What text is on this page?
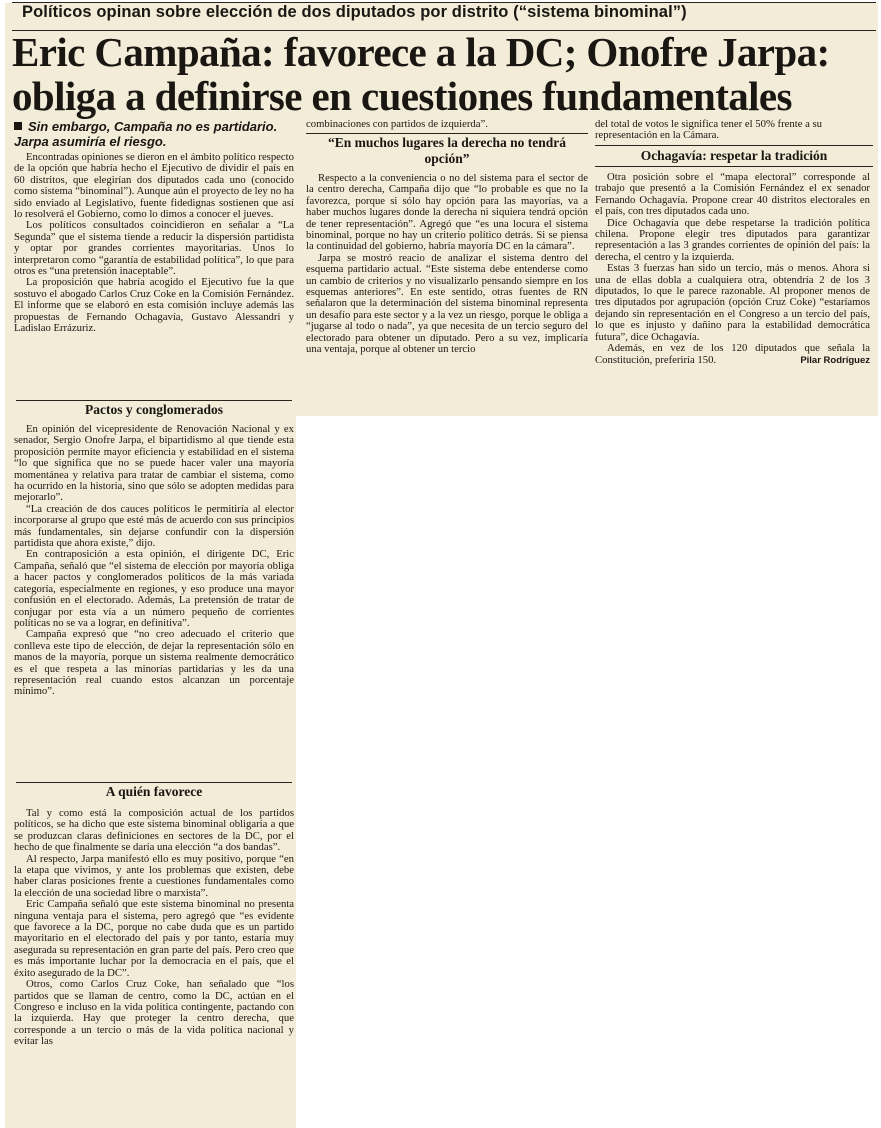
Políticos opinan sobre elección de dos diputados por distrito (“sistema binominal”)
Eric Campaña: favorece a la DC; Onofre Jarpa:
obliga a definirse en cuestiones fundamentales
Sin embargo, Campaña no es partidario. Jarpa asumiría el riesgo.

Encontradas opiniones se dieron en el ámbito político respecto de la opción que habría hecho el Ejecutivo de dividir el país en 60 distritos, que elegirían dos diputados cada uno (conocido como sistema “binominal”). Aunque aún el proyecto de ley no ha sido enviado al Legislativo, fuente fidedignas sostienen que así lo resolverá el Gobierno, como lo dimos a conocer el jueves.

Los políticos consultados coincidieron en señalar a “La Segunda” que el sistema tiende a reducir la dispersión partidista y optar por grandes corrientes mayoritarias. Unos lo interpretaron como “garantía de estabilidad política”, lo que para otros es “una pretensión inaceptable”.

La proposición que habría acogido el Ejecutivo fue la que sostuvo el abogado Carlos Cruz Coke en la Comisión Fernández. El informe que se elaboró en esta comisión incluye además las propuestas de Fernando Ochagavía, Gustavo Alessandri y Ladislao Errázuriz.

Pactos y conglomerados

En opinión del vicepresidente de Renovación Nacional y ex senador, Sergio Onofre Jarpa, el bipartidismo al que tiende esta proposición permite mayor eficiencia y estabilidad en el sistema “lo que significa que no se puede hacer valer una mayoría momentánea y relativa para tratar de cambiar el sistema, como ha ocurrido en la historia, sino que sólo se adopten medidas para mejorarlo”.

“La creación de dos cauces políticos le permitiría al elector incorporarse al grupo que esté más de acuerdo con sus principios más fundamentales, sin dejarse confundir con la dispersión partidista que ahora existe,” dijo.

En contraposición a esta opinión, el dirigente DC, Eric Campaña, señaló que “el sistema de elección por mayoría obliga a hacer pactos y conglomerados políticos de la más variada categoría, especialmente en regiones, y eso produce una mayor confusión en el electorado. Además, La pretensión de tratar de conjugar por esta vía a un número pequeño de corrientes políticas no se va a lograr, en definitiva”.

Campaña expresó que “no creo adecuado el criterio que conlleva este tipo de elección, de dejar la representación sólo en manos de la mayoría, porque un sistema realmente democrático es el que respeta a las minorías partidarias y les da una representación real cuando estos alcanzan un porcentaje mínimo”.

A quién favorece

Tal y como está la composición actual de los partidos políticos, se ha dicho que este sistema binominal obligaría a que se produzcan claras definiciones en sectores de la DC, por el hecho de que finalmente se daría una elección “a dos bandas”.

Al respecto, Jarpa manifestó ello es muy positivo, porque “en la etapa que vivimos, y ante los problemas que existen, debe haber claras posiciones frente a cuestiones fundamentales como la elección de una sociedad libre o marxista”.

Eric Campaña señaló que este sistema binominal no presenta ninguna ventaja para el sistema, pero agregó que “es evidente que favorece a la DC, porque no cabe duda que es un partido mayoritario en el electorado del país y por tanto, estaría muy asegurada su representación en gran parte del país. Pero creo que es más importante luchar por la democracia en el país, que el éxito asegurado de la DC”.

Otros, como Carlos Cruz Coke, han señalado que “los partidos que se llaman de centro, como la DC, actúan en el Congreso e incluso en la vida política contingente, pactando con la izquierda. Hay que proteger la centro derecha, que corresponde a un tercio o más de la vida política nacional y evitar las

combinaciones con partidos de izquierda”.
“En muchos lugares la derecha no tendrá opción”

Respecto a la conveniencia o no del sistema para el sector de la centro derecha, Campaña dijo que “lo probable es que no la favorezca, porque si sólo hay opción para las mayorías, va a haber muchos lugares donde la derecha ni siquiera tendrá opción de tener representación”. Agregó que “es una locura el sistema binominal, porque no hay un criterio político detrás. Si se piensa la continuidad del gobierno, habría mayoría DC en la cámara”.

Jarpa se mostró reacio de analizar el sistema dentro del esquema partidario actual. “Este sistema debe entenderse como un cambio de criterios y no visualizarlo pensando siempre en los esquemas anteriores”. En este sentido, otras fuentes de RN señalaron que la determinación del sistema binominal representa un desafío para este sector y a la vez un riesgo, porque le obliga a “jugarse al todo o nada”, ya que necesita de un tercio seguro del electorado para obtener un diputado. Pero a su vez, implicaría una ventaja, porque al obtener un tercio

del total de votos le significa tener el 50% frente a su representación en la Cámara.
Ochagavía: respetar la tradición

Otra posición sobre el “mapa electoral” corresponde al trabajo que presentó a la Comisión Fernández el ex senador Fernando Ochagavía. Propone crear 40 distritos electorales en el país, con tres diputados cada uno.

Dice Ochagavía que debe respetarse la tradición política chilena. Propone elegir tres diputados para garantizar representación a las 3 grandes corrientes de opinión del país: la derecha, el centro y la izquierda.

Estas 3 fuerzas han sido un tercio, más o menos. Ahora si una de ellas dobla a cualquiera otra, obtendría 2 de los 3 diputados, lo que le parece razonable. Al proponer menos de tres diputados por agrupación (opción Cruz Coke) “estaríamos dejando sin representación en el Congreso a un tercio del país, lo que es injusto y dañino para la estabilidad democrática futura”, dice Ochagavía.

Además, en vez de los 120 diputados que señala la Constitución, preferiría 150.	Pilar Rodríguez
